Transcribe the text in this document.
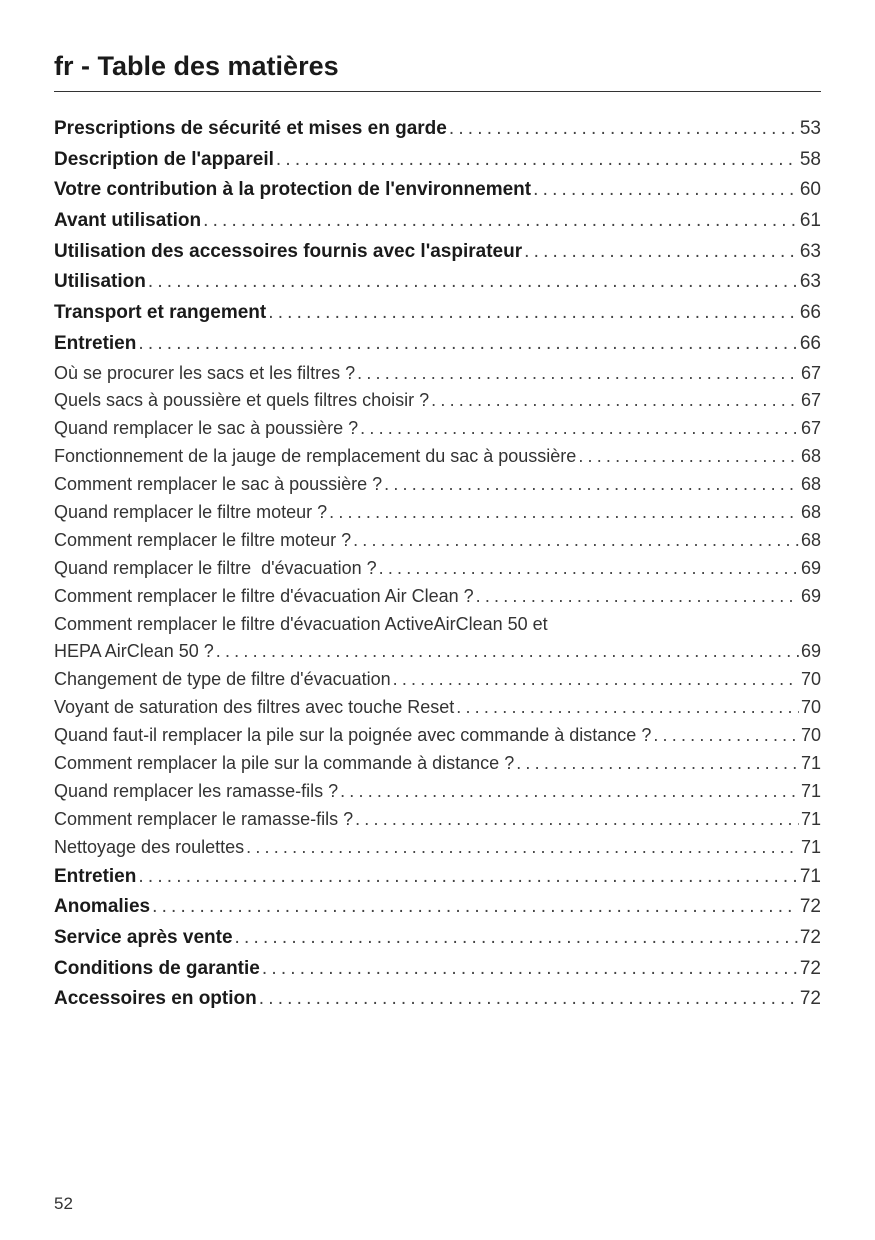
fr - Table des matières
Prescriptions de sécurité et mises en garde .....	53
Description de l'appareil .....	58
Votre contribution à la protection de l'environnement .....	60
Avant utilisation .....	61
Utilisation des accessoires fournis avec l'aspirateur .....	63
Utilisation .....	63
Transport et rangement .....	66
Entretien .....	66
Où se procurer les sacs et les filtres ? .....	67
Quels sacs à poussière et quels filtres choisir ? .....	67
Quand remplacer le sac à poussière ? .....	67
Fonctionnement de la jauge de remplacement du sac à poussière .....	68
Comment remplacer le sac à poussière ? .....	68
Quand remplacer le filtre moteur ? .....	68
Comment remplacer le filtre moteur ? .....	68
Quand remplacer le filtre  d'évacuation ? .....	69
Comment remplacer le filtre d'évacuation Air Clean ? .....	69
Comment remplacer le filtre d'évacuation ActiveAirClean 50 et
HEPA AirClean 50 ? .....	69
Changement de type de filtre d'évacuation .....	70
Voyant de saturation des filtres avec touche Reset .....	70
Quand faut-il remplacer la pile sur la poignée avec commande à distance ? .....	70
Comment remplacer la pile sur la commande à distance ? .....	71
Quand remplacer les ramasse-fils ? .....	71
Comment remplacer le ramasse-fils ? .....	71
Nettoyage des roulettes .....	71
Entretien .....	71
Anomalies .....	72
Service après vente .....	72
Conditions de garantie .....	72
Accessoires en option .....	72
52
